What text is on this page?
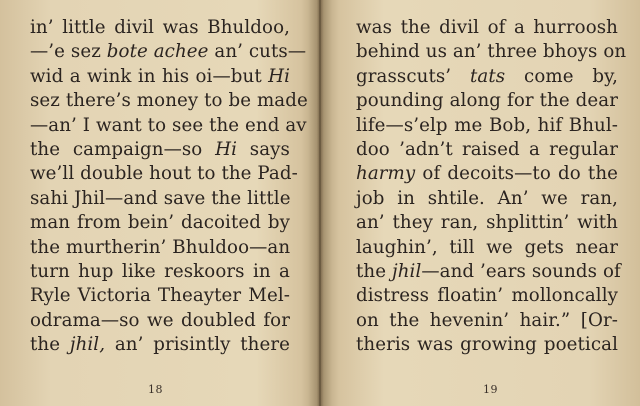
in’ little divil was Bhuldoo,
—’e sez bote achee an’ cuts—
wid a wink in his oi—but Hi
sez there’s money to be made
—an’ I want to see the end av
the campaign—so Hi says
we’ll double hout to the Pad-
sahi Jhil—and save the little
man from bein’ dacoited by
the murtherin’ Bhuldoo—an
turn hup like reskoors in a
Ryle Victoria Theayter Mel-
odrama—so we doubled for
the jhil, an’ prisintly there
18
was the divil of a hurroosh
behind us an’ three bhoys on
grasscuts’ tats come by,
pounding along for the dear
life—s’elp me Bob, hif Bhul-
doo ’adn’t raised a regular
harmy of decoits—to do the
job in shtile. An’ we ran,
an’ they ran, shplittin’ with
laughin’, till we gets near
the jhil—and ’ears sounds of
distress floatin’ molloncally
on the hevenin’ hair.” [Or-
theris was growing poetical
19
